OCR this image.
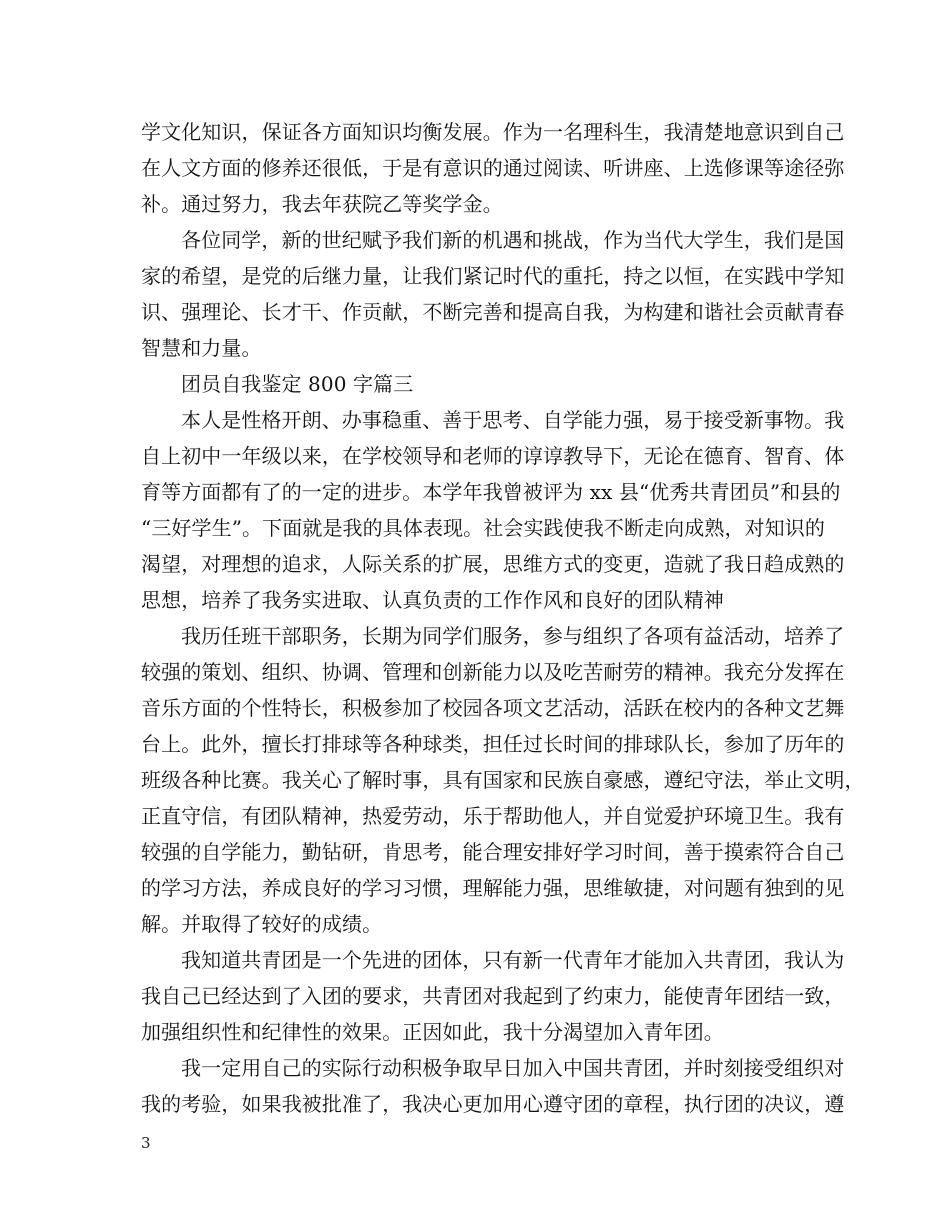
学文化知识，保证各方面知识均衡发展。作为一名理科生，我清楚地意识到自己
在人文方面的修养还很低，于是有意识的通过阅读、听讲座、上选修课等途径弥
补。通过努力，我去年获院乙等奖学金。
各位同学，新的世纪赋予我们新的机遇和挑战，作为当代大学生，我们是国
家的希望，是党的后继力量，让我们紧记时代的重托，持之以恒，在实践中学知
识、强理论、长才干、作贡献，不断完善和提高自我，为构建和谐社会贡献青春
智慧和力量。
团员自我鉴定 800 字篇三
本人是性格开朗、办事稳重、善于思考、自学能力强，易于接受新事物。我
自上初中一年级以来，在学校领导和老师的谆谆教导下，无论在德育、智育、体
育等方面都有了的一定的进步。本学年我曾被评为 xx 县“优秀共青团员”和县的
“三好学生”。下面就是我的具体表现。社会实践使我不断走向成熟，对知识的
渴望，对理想的追求，人际关系的扩展，思维方式的变更，造就了我日趋成熟的
思想，培养了我务实进取、认真负责的工作作风和良好的团队精神
我历任班干部职务，长期为同学们服务，参与组织了各项有益活动，培养了
较强的策划、组织、协调、管理和创新能力以及吃苦耐劳的精神。我充分发挥在
音乐方面的个性特长，积极参加了校园各项文艺活动，活跃在校内的各种文艺舞
台上。此外，擅长打排球等各种球类，担任过长时间的排球队长，参加了历年的
班级各种比赛。我关心了解时事，具有国家和民族自豪感，遵纪守法，举止文明，
正直守信，有团队精神，热爱劳动，乐于帮助他人，并自觉爱护环境卫生。我有
较强的自学能力，勤钻研，肯思考，能合理安排好学习时间，善于摸索符合自己
的学习方法，养成良好的学习习惯，理解能力强，思维敏捷，对问题有独到的见
解。并取得了较好的成绩。
我知道共青团是一个先进的团体，只有新一代青年才能加入共青团，我认为
我自己已经达到了入团的要求，共青团对我起到了约束力，能使青年团结一致，
加强组织性和纪律性的效果。正因如此，我十分渴望加入青年团。
我一定用自己的实际行动积极争取早日加入中国共青团，并时刻接受组织对
我的考验，如果我被批准了，我决心更加用心遵守团的章程，执行团的决议，遵
3
